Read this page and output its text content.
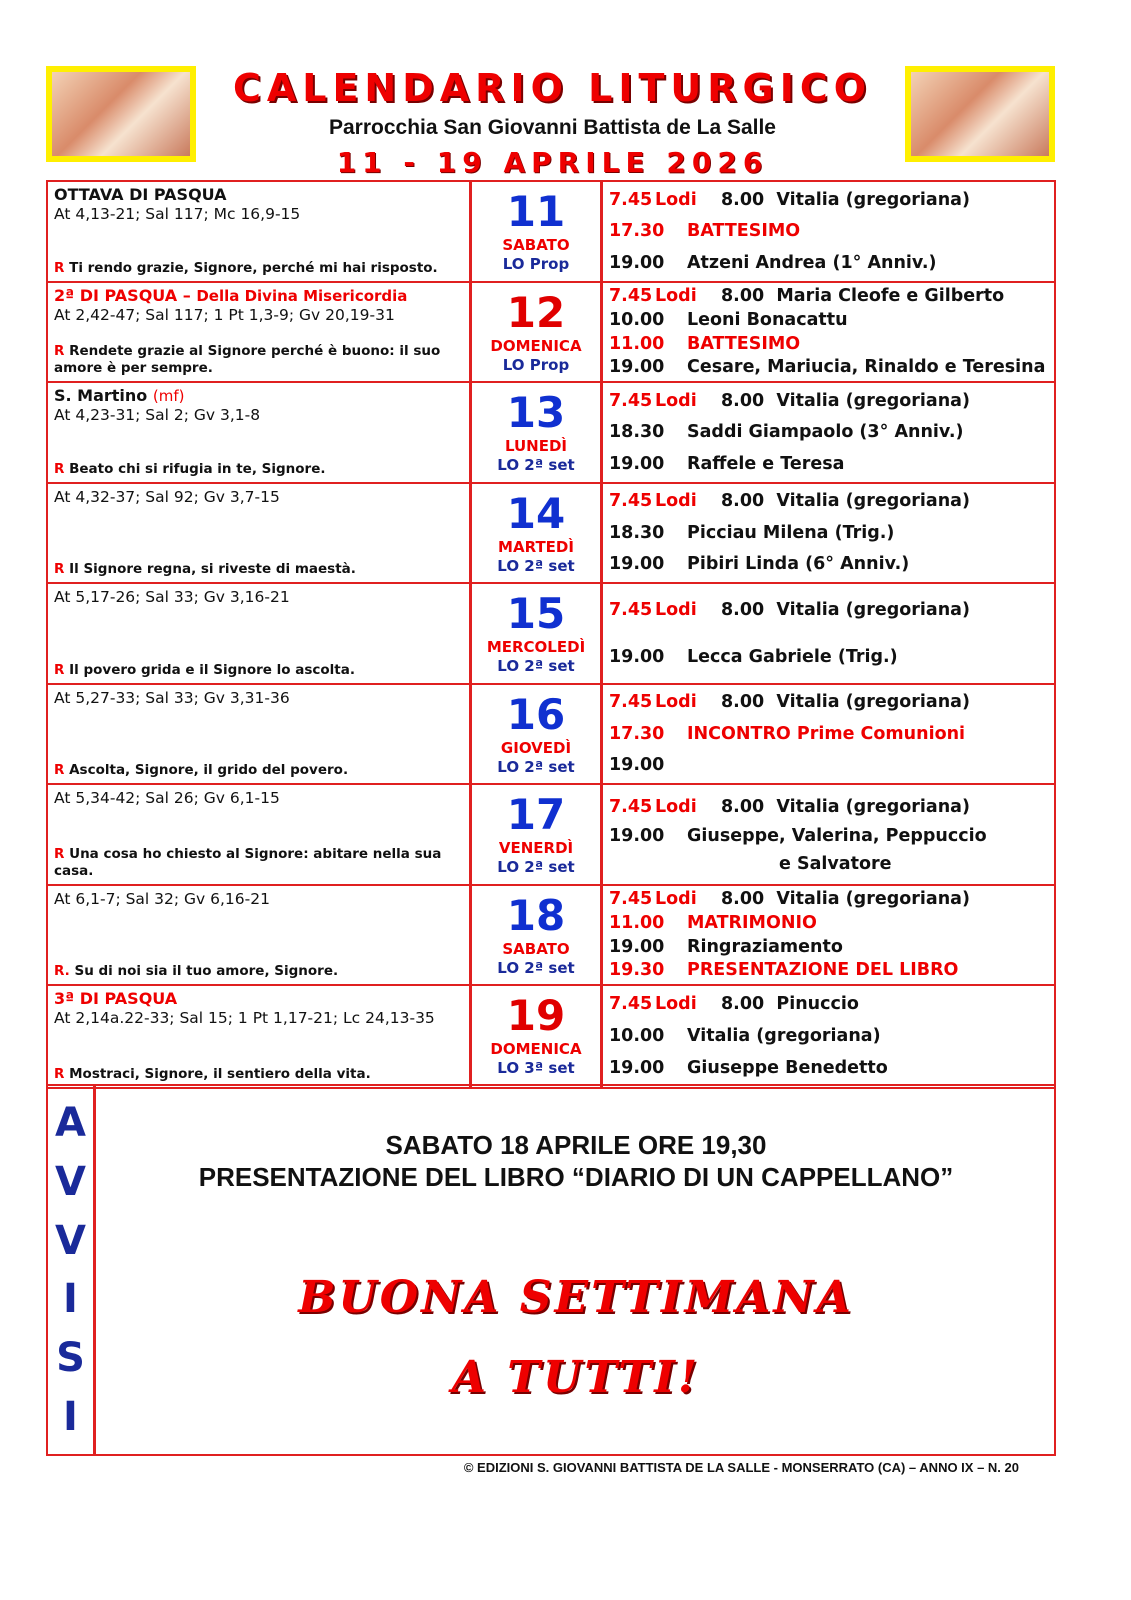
CALENDARIO LITURGICO
Parrocchia San Giovanni Battista de La Salle
11 - 19 APRILE 2026
OTTAVA DI PASQUA
At 4,13-21; Sal 117; Mc 16,9-15
R Ti rendo grazie, Signore, perché mi hai risposto.
11
SABATO
LO Prop
7.45 Lodi 8.00 Vitalia (gregoriana)
17.30 BATTESIMO
19.00 Atzeni Andrea (1° Anniv.)
2ª DI PASQUA – Della Divina Misericordia
At 2,42-47; Sal 117; 1 Pt 1,3-9; Gv 20,19-31
R Rendete grazie al Signore perché è buono: il suo amore è per sempre.
12
DOMENICA
LO Prop
7.45 Lodi 8.00 Maria Cleofe e Gilberto
10.00 Leoni Bonacattu
11.00 BATTESIMO
19.00 Cesare, Mariucia, Rinaldo e Teresina
S. Martino (mf)
At 4,23-31; Sal 2; Gv 3,1-8
R Beato chi si rifugia in te, Signore.
13
LUNEDÌ
LO 2ª set
7.45 Lodi 8.00 Vitalia (gregoriana)
18.30 Saddi Giampaolo (3° Anniv.)
19.00 Raffele e Teresa
At 4,32-37; Sal 92; Gv 3,7-15
R Il Signore regna, si riveste di maestà.
14
MARTEDÌ
LO 2ª set
7.45 Lodi 8.00 Vitalia (gregoriana)
18.30 Picciau Milena (Trig.)
19.00 Pibiri Linda (6° Anniv.)
At 5,17-26; Sal 33; Gv 3,16-21
R Il povero grida e il Signore lo ascolta.
15
MERCOLEDÌ
LO 2ª set
7.45 Lodi 8.00 Vitalia (gregoriana)
19.00 Lecca Gabriele (Trig.)
At 5,27-33; Sal 33; Gv 3,31-36
R Ascolta, Signore, il grido del povero.
16
GIOVEDÌ
LO 2ª set
7.45 Lodi 8.00 Vitalia (gregoriana)
17.30 INCONTRO Prime Comunioni
19.00
At 5,34-42; Sal 26; Gv 6,1-15
R Una cosa ho chiesto al Signore: abitare nella sua casa.
17
VENERDÌ
LO 2ª set
7.45 Lodi 8.00 Vitalia (gregoriana)
19.00 Giuseppe, Valerina, Peppuccio
e Salvatore
At 6,1-7; Sal 32; Gv 6,16-21
R. Su di noi sia il tuo amore, Signore.
18
SABATO
LO 2ª set
7.45 Lodi 8.00 Vitalia (gregoriana)
11.00 MATRIMONIO
19.00 Ringraziamento
19.30 PRESENTAZIONE DEL LIBRO
3ª DI PASQUA
At 2,14a.22-33; Sal 15; 1 Pt 1,17-21; Lc 24,13-35
R Mostraci, Signore, il sentiero della vita.
19
DOMENICA
LO 3ª set
7.45 Lodi 8.00 Pinuccio
10.00 Vitalia (gregoriana)
19.00 Giuseppe Benedetto
A
V
V
I
S
I
SABATO 18 APRILE ORE 19,30
PRESENTAZIONE DEL LIBRO “DIARIO DI UN CAPPELLANO”
BUONA SETTIMANA
A TUTTI!
© EDIZIONI S. GIOVANNI BATTISTA DE LA SALLE - MONSERRATO (CA) – ANNO IX – N. 20
